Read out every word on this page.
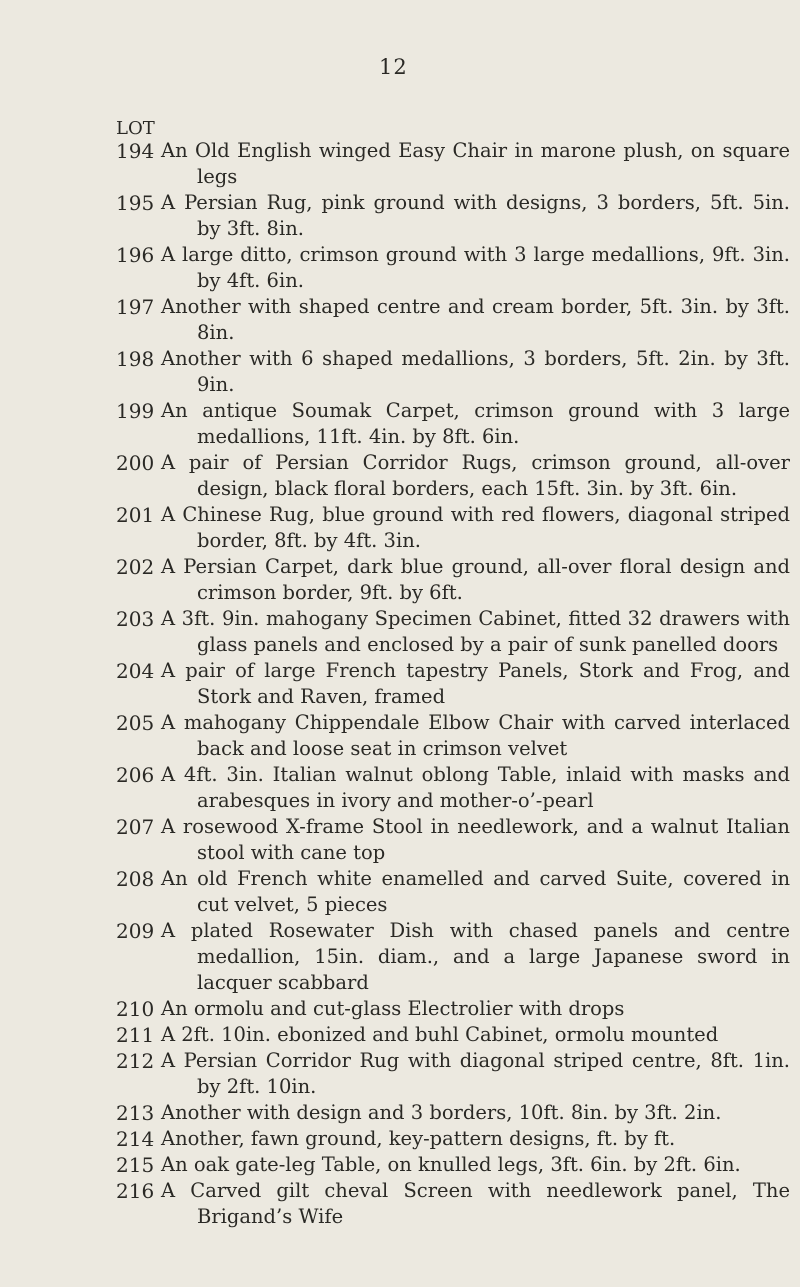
12
LOT
194 An Old English winged Easy Chair in marone plush, on square legs
195 A Persian Rug, pink ground with designs, 3 borders, 5ft. 5in. by 3ft. 8in.
196 A large ditto, crimson ground with 3 large medallions, 9ft. 3in. by 4ft. 6in.
197 Another with shaped centre and cream border, 5ft. 3in. by 3ft. 8in.
198 Another with 6 shaped medallions, 3 borders, 5ft. 2in. by 3ft. 9in.
199 An antique Soumak Carpet, crimson ground with 3 large medallions, 11ft. 4in. by 8ft. 6in.
200 A pair of Persian Corridor Rugs, crimson ground, all-over design, black floral borders, each 15ft. 3in. by 3ft. 6in.
201 A Chinese Rug, blue ground with red flowers, diagonal striped border, 8ft. by 4ft. 3in.
202 A Persian Carpet, dark blue ground, all-over floral design and crimson border, 9ft. by 6ft.
203 A 3ft. 9in. mahogany Specimen Cabinet, fitted 32 drawers with glass panels and enclosed by a pair of sunk panelled doors
204 A pair of large French tapestry Panels, Stork and Frog, and Stork and Raven, framed
205 A mahogany Chippendale Elbow Chair with carved interlaced back and loose seat in crimson velvet
206 A 4ft. 3in. Italian walnut oblong Table, inlaid with masks and arabesques in ivory and mother-o’-pearl
207 A rosewood X-frame Stool in needlework, and a walnut Italian stool with cane top
208 An old French white enamelled and carved Suite, covered in cut velvet, 5 pieces
209 A plated Rosewater Dish with chased panels and centre medallion, 15in. diam., and a large Japanese sword in lacquer scabbard
210 An ormolu and cut-glass Electrolier with drops
211 A 2ft. 10in. ebonized and buhl Cabinet, ormolu mounted
212 A Persian Corridor Rug with diagonal striped centre, 8ft. 1in. by 2ft. 10in.
213 Another with design and 3 borders, 10ft. 8in. by 3ft. 2in.
214 Another, fawn ground, key-pattern designs, ft. by ft.
215 An oak gate-leg Table, on knulled legs, 3ft. 6in. by 2ft. 6in.
216 A Carved gilt cheval Screen with needlework panel, The Brigand’s Wife
